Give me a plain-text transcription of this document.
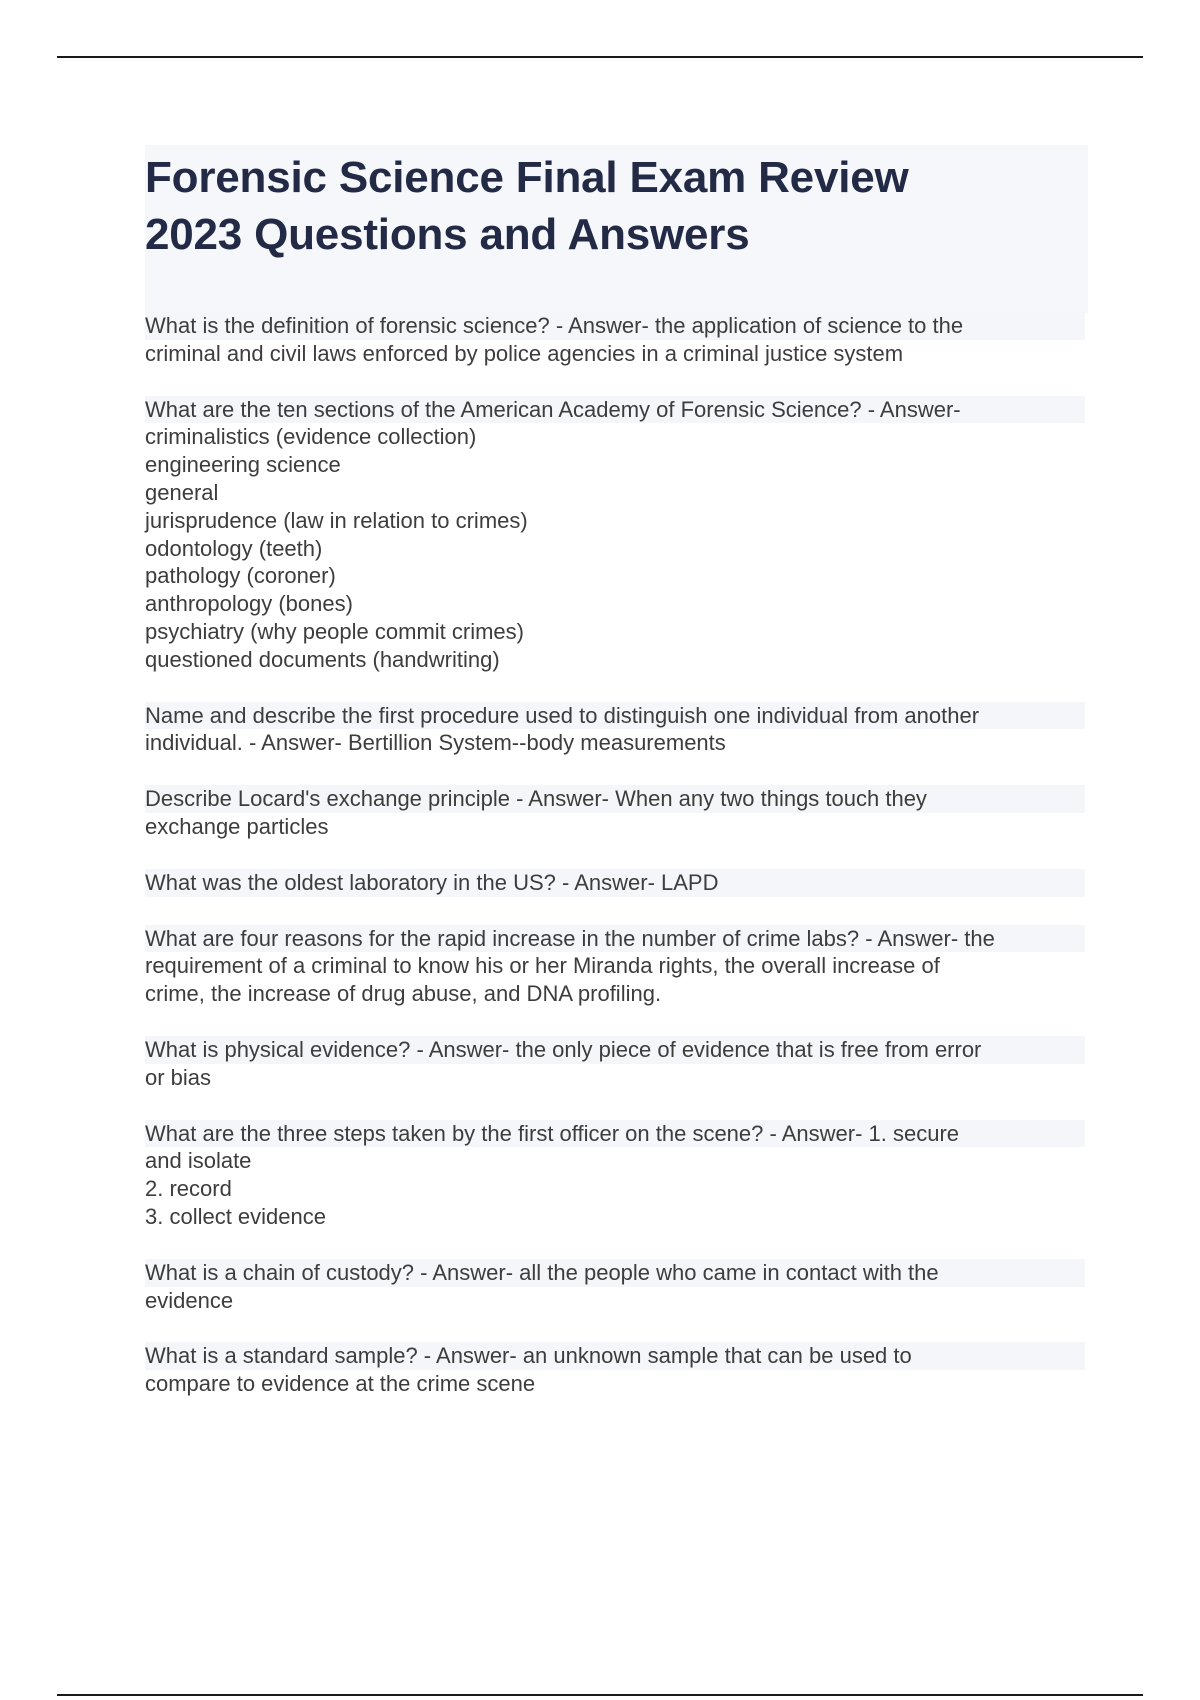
Forensic Science Final Exam Review
2023 Questions and Answers
What is the definition of forensic science? - Answer- the application of science to the
criminal and civil laws enforced by police agencies in a criminal justice system
What are the ten sections of the American Academy of Forensic Science? - Answer-
criminalistics (evidence collection)
engineering science
general
jurisprudence (law in relation to crimes)
odontology (teeth)
pathology (coroner)
anthropology (bones)
psychiatry (why people commit crimes)
questioned documents (handwriting)
Name and describe the first procedure used to distinguish one individual from another
individual. - Answer- Bertillion System--body measurements
Describe Locard's exchange principle - Answer- When any two things touch they
exchange particles
What was the oldest laboratory in the US? - Answer- LAPD
What are four reasons for the rapid increase in the number of crime labs? - Answer- the
requirement of a criminal to know his or her Miranda rights, the overall increase of
crime, the increase of drug abuse, and DNA profiling.
What is physical evidence? - Answer- the only piece of evidence that is free from error
or bias
What are the three steps taken by the first officer on the scene? - Answer- 1. secure
and isolate
2. record
3. collect evidence
What is a chain of custody? - Answer- all the people who came in contact with the
evidence
What is a standard sample? - Answer- an unknown sample that can be used to
compare to evidence at the crime scene
